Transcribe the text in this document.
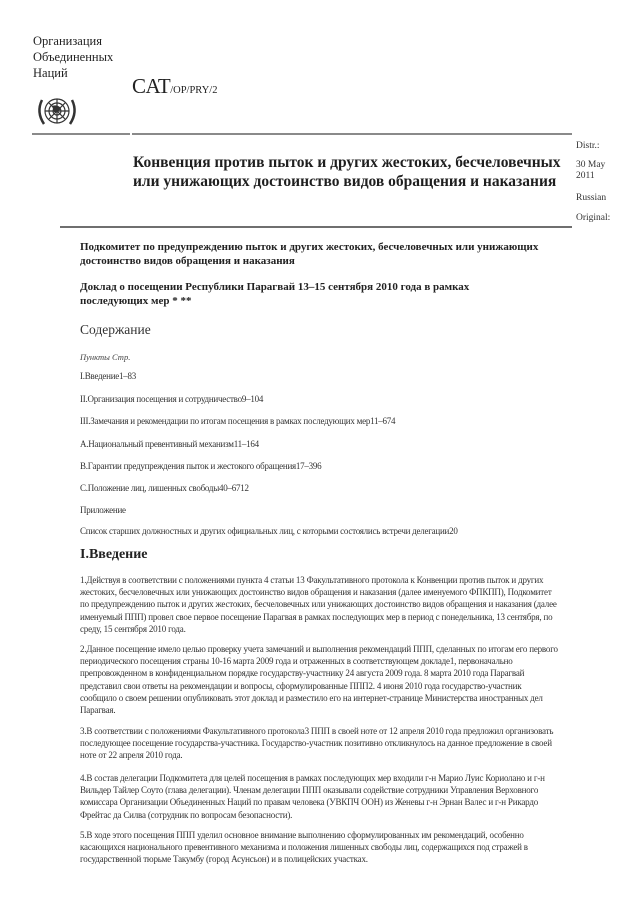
Организация
Объединенных
Наций
CAT/OP/PRY/2
Distr.:
30 May
2011
Russian
Original:
Конвенция против пыток и других жестоких, бесчеловечных или унижающих достоинство видов обращения и наказания
Подкомитет по предупреждению пыток и других жестоких, бесчеловечных или унижающих достоинство видов обращения и наказания
Доклад о посещении Республики Парагвай 13–15 сентября 2010 года в рамках последующих мер * **
Содержание
Пункты Стр.
I.Введение1–83
II.Организация посещения и сотрудничество9–104
III.Замечания и рекомендации по итогам посещения в рамках последующих мер11–674
A.Национальный превентивный механизм11–164
B.Гарантии предупреждения пыток и жестокого обращения17–396
C.Положение лиц, лишенных свободы40–6712
Приложение
Список старших должностных и других официальных лиц, с которыми состоялись встречи делегации20
I.Введение
1.Действуя в соответствии с положениями пункта 4 статьи 13 Факультативного протокола к Конвенции против пыток и других жестоких, бесчеловечных или унижающих достоинство видов обращения и наказания (далее именуемого ФПКПП), Подкомитет по предупреждению пыток и других жестоких, бесчеловечных или унижающих достоинство видов обращения и наказания (далее именуемый ППП) провел свое первое посещение Парагвая в рамках последующих мер в период с понедельника, 13 сентября, по среду, 15 сентября 2010 года.
2.Данное посещение имело целью проверку учета замечаний и выполнения рекомендаций ППП, сделанных по итогам его первого периодического посещения страны 10-16 марта 2009 года и отраженных в соответствующем докладе1, первоначально препровожденном в конфиденциальном порядке государству-участнику 24 августа 2009 года. 8 марта 2010 года Парагвай представил свои ответы на рекомендации и вопросы, сформулированные ППП2. 4 июня 2010 года государство-участник сообщило о своем решении опубликовать этот доклад и разместило его на интернет-странице Министерства иностранных дел Парагвая.
3.В соответствии с положениями Факультативного протокола3 ППП в своей ноте от 12 апреля 2010 года предложил организовать последующее посещение государства-участника. Государство-участник позитивно откликнулось на данное предложение в своей ноте от 22 апреля 2010 года.
4.В состав делегации Подкомитета для целей посещения в рамках последующих мер входили г-н Марио Луис Кориолано и г-н Вильдер Тайлер Соуто (глава делегации). Членам делегации ППП оказывали содействие сотрудники Управления Верховного комиссара Организации Объединенных Наций по правам человека (УВКПЧ ООН) из Женевы г-н Эрнан Валес и г-н Рикардо Фрейтас да Силва (сотрудник по вопросам безопасности).
5.В ходе этого посещения ППП уделил основное внимание выполнению сформулированных им рекомендаций, особенно касающихся национального превентивного механизма и положения лишенных свободы лиц, содержащихся под стражей в государственной тюрьме Такумбу (город Асунсьон) и в полицейских участках.
